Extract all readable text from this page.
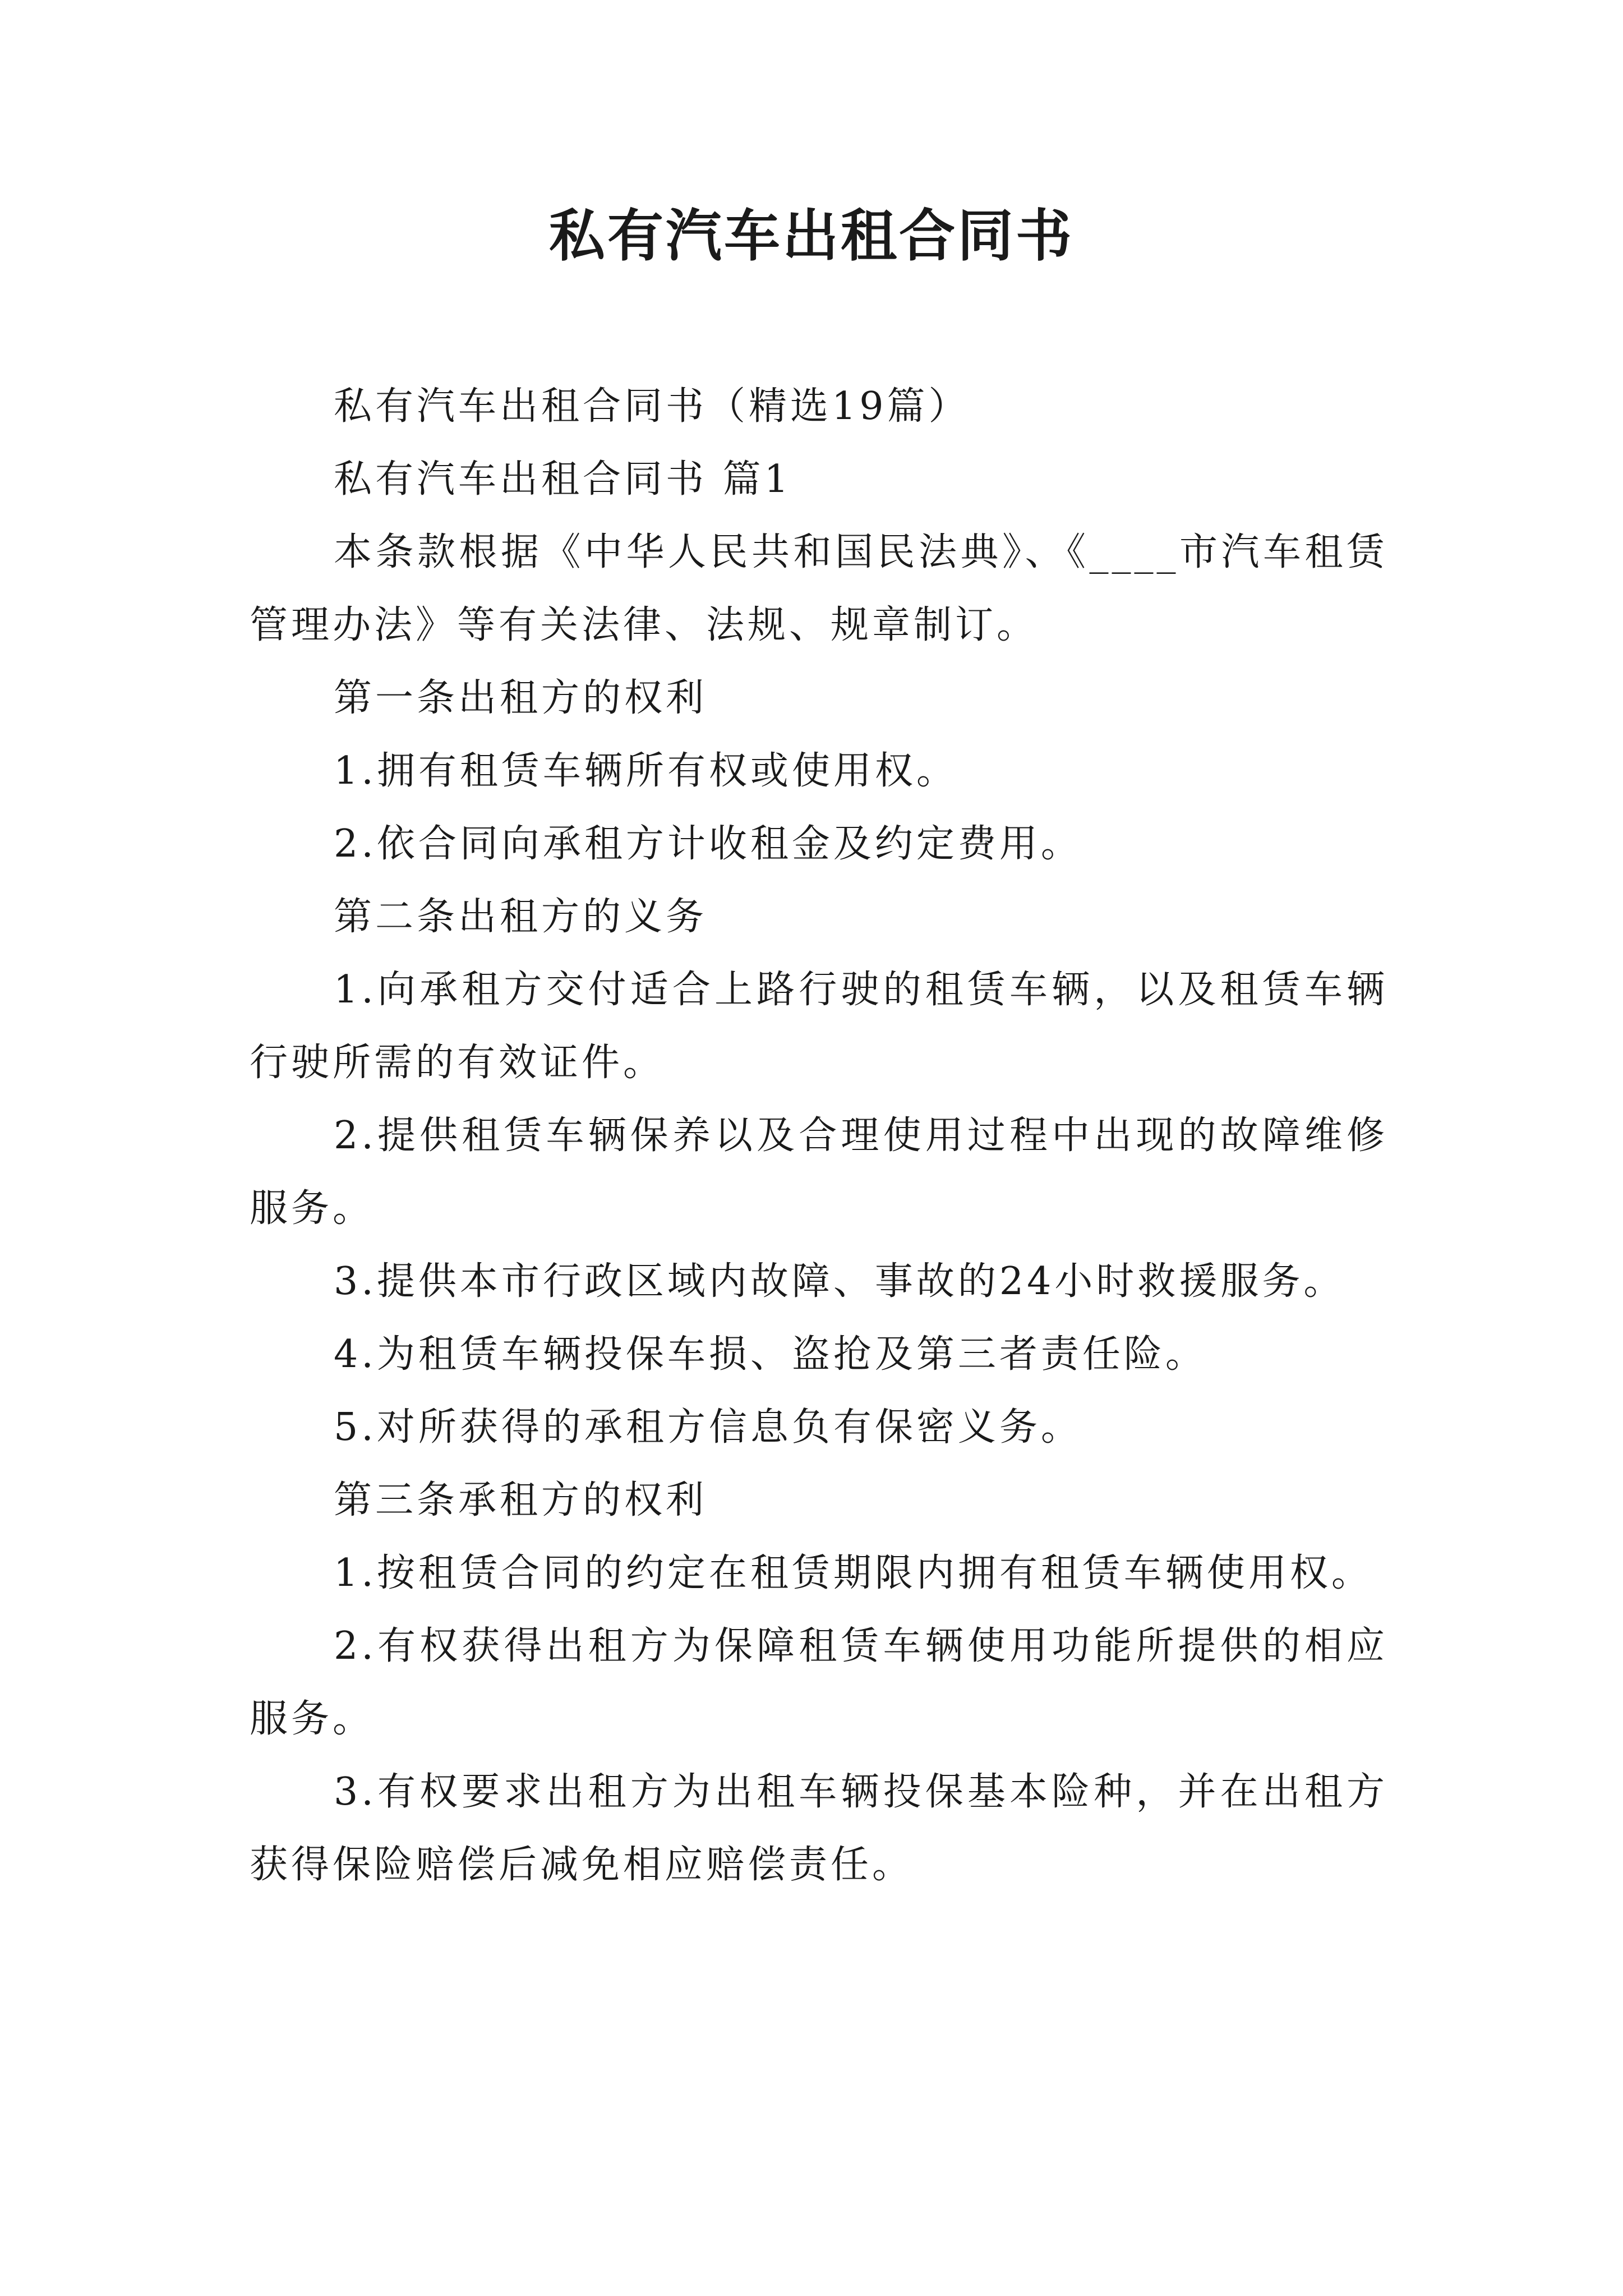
私有汽车出租合同书

私有汽车出租合同书（精选19篇）

私有汽车出租合同书 篇1

本条款根据《中华人民共和国民法典》、《____市汽车租赁管理办法》等有关法律、法规、规章制订。

第一条出租方的权利

1.拥有租赁车辆所有权或使用权。

2.依合同向承租方计收租金及约定费用。

第二条出租方的义务

1.向承租方交付适合上路行驶的租赁车辆，以及租赁车辆行驶所需的有效证件。

2.提供租赁车辆保养以及合理使用过程中出现的故障维修服务。

3.提供本市行政区域内故障、事故的24小时救援服务。

4.为租赁车辆投保车损、盗抢及第三者责任险。

5.对所获得的承租方信息负有保密义务。

第三条承租方的权利

1.按租赁合同的约定在租赁期限内拥有租赁车辆使用权。

2.有权获得出租方为保障租赁车辆使用功能所提供的相应服务。

3.有权要求出租方为出租车辆投保基本险种，并在出租方获得保险赔偿后减免相应赔偿责任。
